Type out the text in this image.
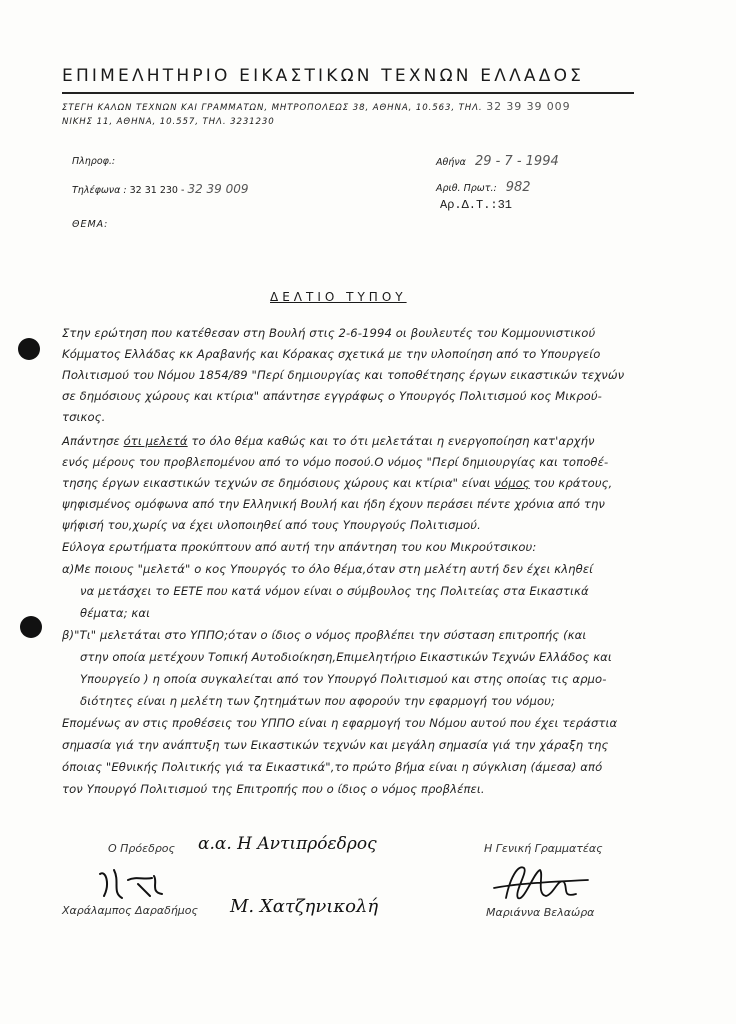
ΕΠΙΜΕΛΗΤΗΡΙΟ ΕΙΚΑΣΤΙΚΩΝ ΤΕΧΝΩΝ ΕΛΛΑΔΟΣ
ΣΤΕΓΗ ΚΑΛΩΝ ΤΕΧΝΩΝ ΚΑΙ ΓΡΑΜΜΑΤΩΝ, ΜΗΤΡΟΠΟΛΕΩΣ 38, ΑΘΗΝΑ, 10.563, ΤΗΛ. 32 39 39 009
ΝΙΚΗΣ 11, ΑΘΗΝΑ, 10.557, ΤΗΛ. 3231230
Πληροφ.:
Τηλέφωνα : 32 31 230 - 32 39 009
ΘΕΜΑ:
Αθήνα 29 - 7 - 1994
Αριθ. Πρωτ.: 982
Αρ.Δ.Τ.:31
ΔΕΛΤΙΟ ΤΥΠΟΥ
Στην ερώτηση που κατέθεσαν στη Βουλή στις 2-6-1994 οι βουλευτές του Κομμουνιστικού
Κόμματος Ελλάδας κκ Αραβανής και Κόρακας σχετικά με την υλοποίηση από το Υπουργείο
Πολιτισμού του Νόμου 1854/89 "Περί δημιουργίας και τοποθέτησης έργων εικαστικών τεχνών
σε δημόσιους χώρους και κτίρια" απάντησε εγγράφως ο Υπουργός Πολιτισμού κος Μικρού-
τσικος.
Απάντησε ότι μελετά το όλο θέμα καθώς και το ότι μελετάται η ενεργοποίηση κατ'αρχήν
ενός μέρους του προβλεπομένου από το νόμο ποσού.Ο νόμος "Περί δημιουργίας και τοποθέ-
τησης έργων εικαστικών τεχνών σε δημόσιους χώρους και κτίρια" είναι νόμος του κράτους,
ψηφισμένος ομόφωνα από την Ελληνική Βουλή και ήδη έχουν περάσει πέντε χρόνια από την
ψήφισή του,χωρίς να έχει υλοποιηθεί από τους Υπουργούς Πολιτισμού.
Εύλογα ερωτήματα προκύπτουν από αυτή την απάντηση του κου Μικρούτσικου:
α)Με ποιους "μελετά" ο κος Υπουργός το όλο θέμα,όταν στη μελέτη αυτή δεν έχει κληθεί
να μετάσχει το ΕΕΤΕ που κατά νόμον είναι ο σύμβουλος της Πολιτείας στα Εικαστικά
θέματα; και
β)"Τι" μελετάται στο ΥΠΠΟ;όταν ο ίδιος ο νόμος προβλέπει την σύσταση επιτροπής (και
στην οποία μετέχουν Τοπική Αυτοδιοίκηση,Επιμελητήριο Εικαστικών Τεχνών Ελλάδος και
Υπουργείο ) η οποία συγκαλείται από τον Υπουργό Πολιτισμού και στης οποίας τις αρμο-
διότητες είναι η μελέτη των ζητημάτων που αφορούν την εφαρμογή του νόμου;
Επομένως αν στις προθέσεις του ΥΠΠΟ είναι η εφαρμογή του Νόμου αυτού που έχει τεράστια
σημασία γιά την ανάπτυξη των Εικαστικών τεχνών και μεγάλη σημασία γιά την χάραξη της
όποιας "Εθνικής Πολιτικής γιά τα Εικαστικά",το πρώτο βήμα είναι η σύγκλιση (άμεσα) από
τον Υπουργό Πολιτισμού της Επιτροπής που ο ίδιος ο νόμος προβλέπει.
Ο Πρόεδρος α.α. Η Αντιπρόεδρος
Χαράλαμπος Δαραδήμος Μ. Χατζηνικολή
Η Γενική Γραμματέας
Μαριάννα Βελαώρα
